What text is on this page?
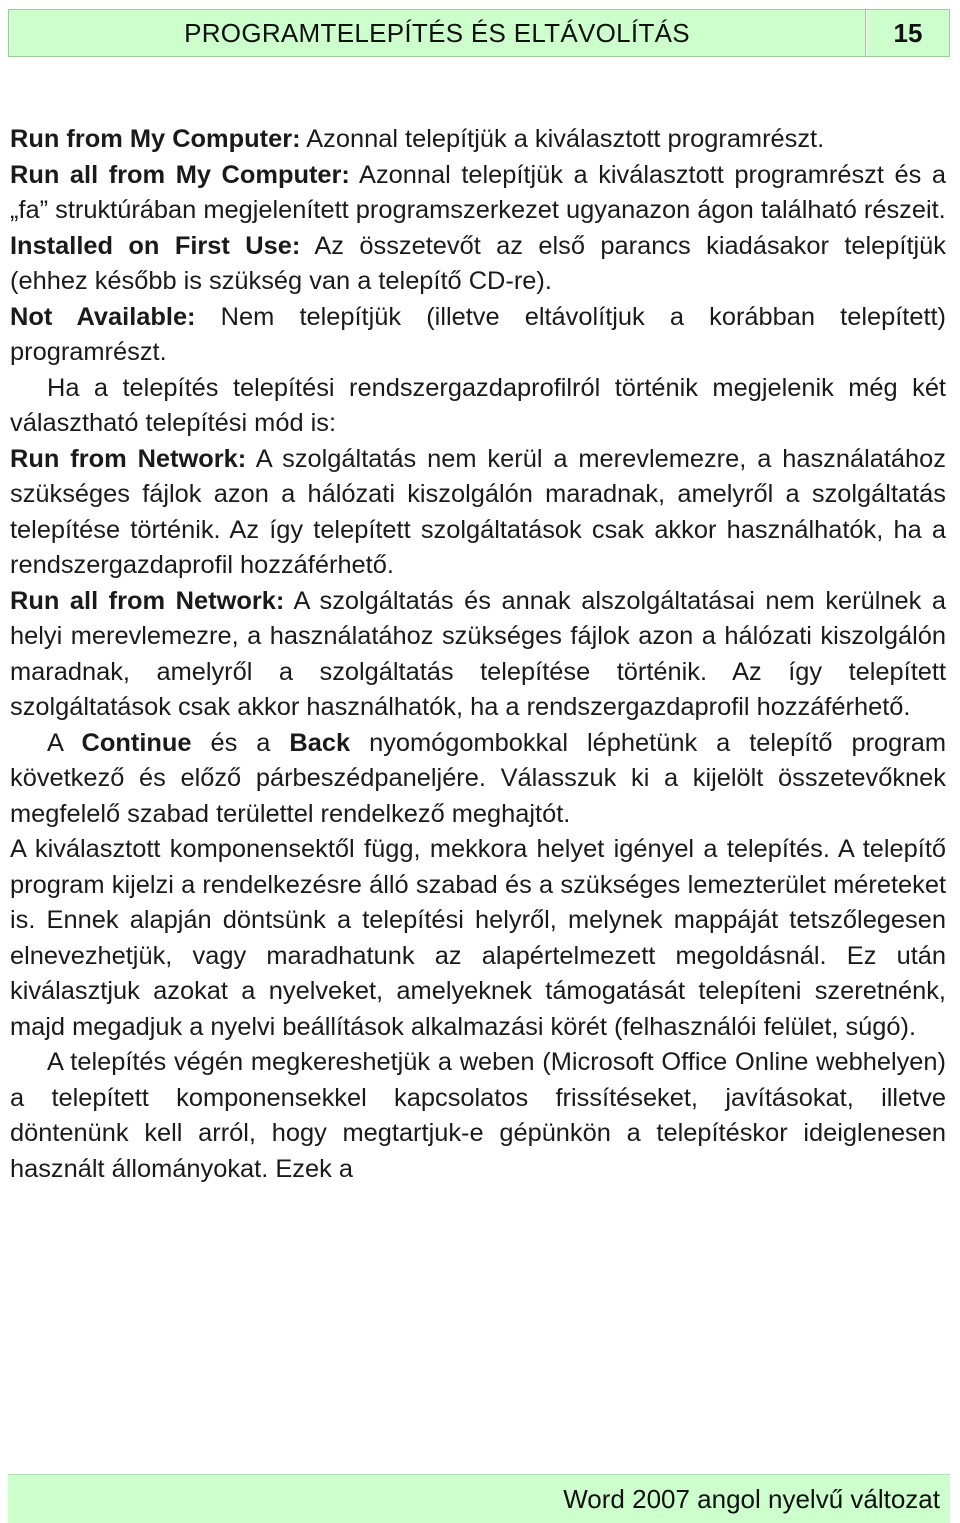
PROGRAMTELEPÍTÉS ÉS ELTÁVOLÍTÁS	15

Run from My Computer: Azonnal telepítjük a kiválasztott programrészt.

Run all from My Computer: Azonnal telepítjük a kiválasztott programrészt és a „fa” struktúrában megjelenített programszerkezet ugyanazon ágon található részeit.

Installed on First Use: Az összetevőt az első parancs kiadásakor telepítjük (ehhez később is szükség van a telepítő CD-re).

Not Available: Nem telepítjük (illetve eltávolítjuk a korábban telepített) programrészt.

Ha a telepítés telepítési rendszergazdaprofilról történik megjelenik még két választható telepítési mód is:

Run from Network: A szolgáltatás nem kerül a merevlemezre, a használatához szükséges fájlok azon a hálózati kiszolgálón maradnak, amelyről a szolgáltatás telepítése történik. Az így telepített szolgáltatások csak akkor használhatók, ha a rendszergazdaprofil hozzáférhető.

Run all from Network: A szolgáltatás és annak alszolgáltatásai nem kerülnek a helyi merevlemezre, a használatához szükséges fájlok azon a hálózati kiszolgálón maradnak, amelyről a szolgáltatás telepítése történik. Az így telepített szolgáltatások csak akkor használhatók, ha a rendszergazdaprofil hozzáférhető.

A Continue és a Back nyomógombokkal léphetünk a telepítő program következő és előző párbeszédpaneljére. Válasszuk ki a kijelölt összetevőknek megfelelő szabad területtel rendelkező meghajtót.

A kiválasztott komponensektől függ, mekkora helyet igényel a telepítés. A telepítő program kijelzi a rendelkezésre álló szabad és a szükséges lemezterület méreteket is. Ennek alapján döntsünk a telepítési helyről, melynek mappáját tetszőlegesen elnevezhetjük, vagy maradhatunk az alapértelmezett megoldásnál. Ez után kiválasztjuk azokat a nyelveket, amelyeknek támogatását telepíteni szeretnénk, majd megadjuk a nyelvi beállítások alkalmazási körét (felhasználói felület, súgó).

A telepítés végén megkereshetjük a weben (Microsoft Office Online webhelyen) a telepített komponensekkel kapcsolatos frissítéseket, javításokat, illetve döntenünk kell arról, hogy megtartjuk-e gépünkön a telepítéskor ideiglenesen használt állományokat. Ezek a

Word 2007 angol nyelvű változat
